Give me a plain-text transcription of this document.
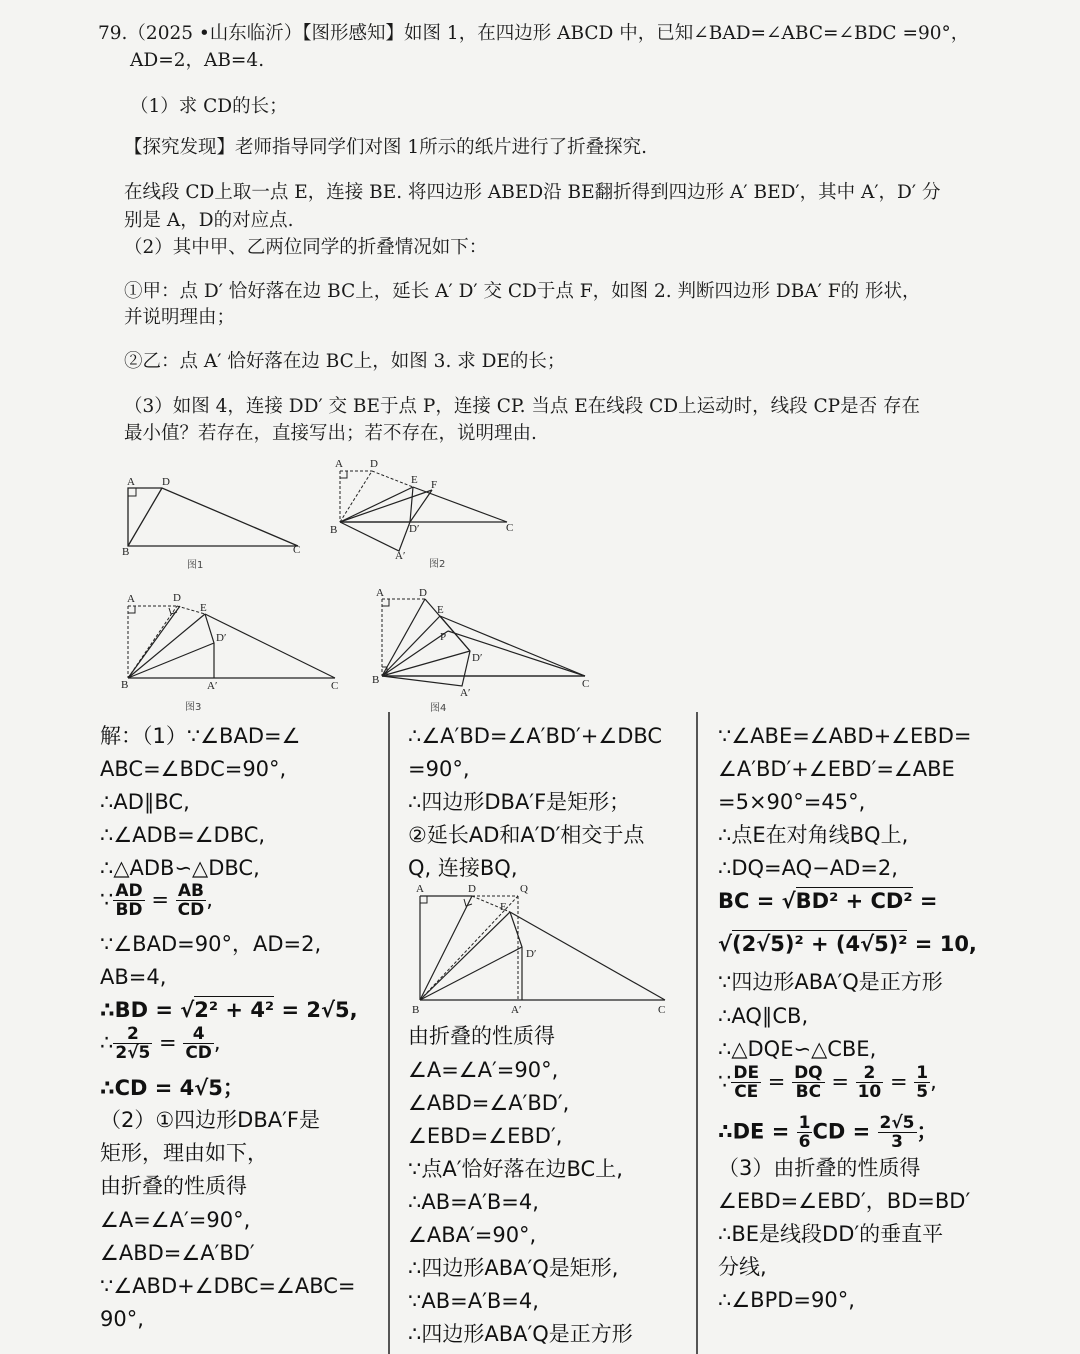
79.（2025 •山东临沂）【图形感知】如图 1，在四边形 ABCD 中，已知∠BAD=∠ABC=∠BDC =90°，
AD=2，AB=4.
（1）求 CD的长；
【探究发现】老师指导同学们对图 1所示的纸片进行了折叠探究.
在线段 CD上取一点 E，连接 BE. 将四边形 ABED沿 BE翻折得到四边形 A′ BED′，其中 A′，D′ 分
别是 A，D的对应点.
（2）其中甲、乙两位同学的折叠情况如下：
①甲：点 D′ 恰好落在边 BC上，延长 A′ D′ 交 CD于点 F，如图 2. 判断四边形 DBA′ F的 形状，
并说明理由；
②乙：点 A′ 恰好落在边 BC上，如图 3. 求 DE的长；
（3）如图 4，连接 DD′ 交 BE于点 P，连接 CP. 当点 E在线段 CD上运动时，线段 CP是否 存在
最小值？若存在，直接写出；若不存在，说明理由.
A D
B	C
图1
A D
E F
B	C
D′
A′
图2
A	D
E
D′
B	A′	C
图3
A	D
E
P
D′
B
A′
C
图4
解：（1）∵∠BAD=∠
ABC=∠BDC=90°,
∴AD∥BC,
∴∠ADB=∠DBC,
∴△ADB∽△DBC,
∵ $\frac{AD}{BD} = \frac{AB}{CD}$ ,
∵∠BAD=90°，AD=2,
AB=4,
∴BD = √2² + 4² = 2√5,
∴ $\frac{2}{2√5} = \frac{4}{CD}$ ,
∴CD = 4√5；
（2）①四边形DBA′F是
矩形，理由如下，
由折叠的性质得
∠A=∠A′=90°,
∠ABD=∠A′BD′
∵∠ABD+∠DBC=∠ABC=
90°,
∴∠A′BD=∠A′BD′+∠DBC
=90°,
∴四边形DBA′F是矩形；
②延长AD和A′D′相交于点
Q, 连接BQ,
A	D	Q
E
D′
B	A′	C
由折叠的性质得
∠A=∠A′=90°,
∠ABD=∠A′BD′,
∠EBD=∠EBD′,
∵点A′恰好落在边BC上,
∴AB=A′B=4,
∠ABA′=90°,
∴四边形ABA′Q是矩形,
∵AB=A′B=4,
∴四边形ABA′Q是正方形
∵∠ABE=∠ABD+∠EBD=
∠A′BD′+∠EBD′=∠ABE
=5×90°=45°,
∴点E在对角线BQ上,
∴DQ=AQ−AD=2,
BC = √BD² + CD² =
√(2√5)² + (4√5)² = 10,
∵四边形ABA′Q是正方形
∴AQ∥CB,
∴△DQE∽△CBE,
∵ $\frac{DE}{CE} = \frac{DQ}{BC} = \frac{2}{10} = \frac{1}{5}$ ,
∴DE = $\frac{1}{6}$ CD = $\frac{2√5}{3}$ ；
（3）由折叠的性质得
∠EBD=∠EBD′，BD=BD′
∴BE是线段DD′的垂直平
分线,
∴∠BPD=90°,
